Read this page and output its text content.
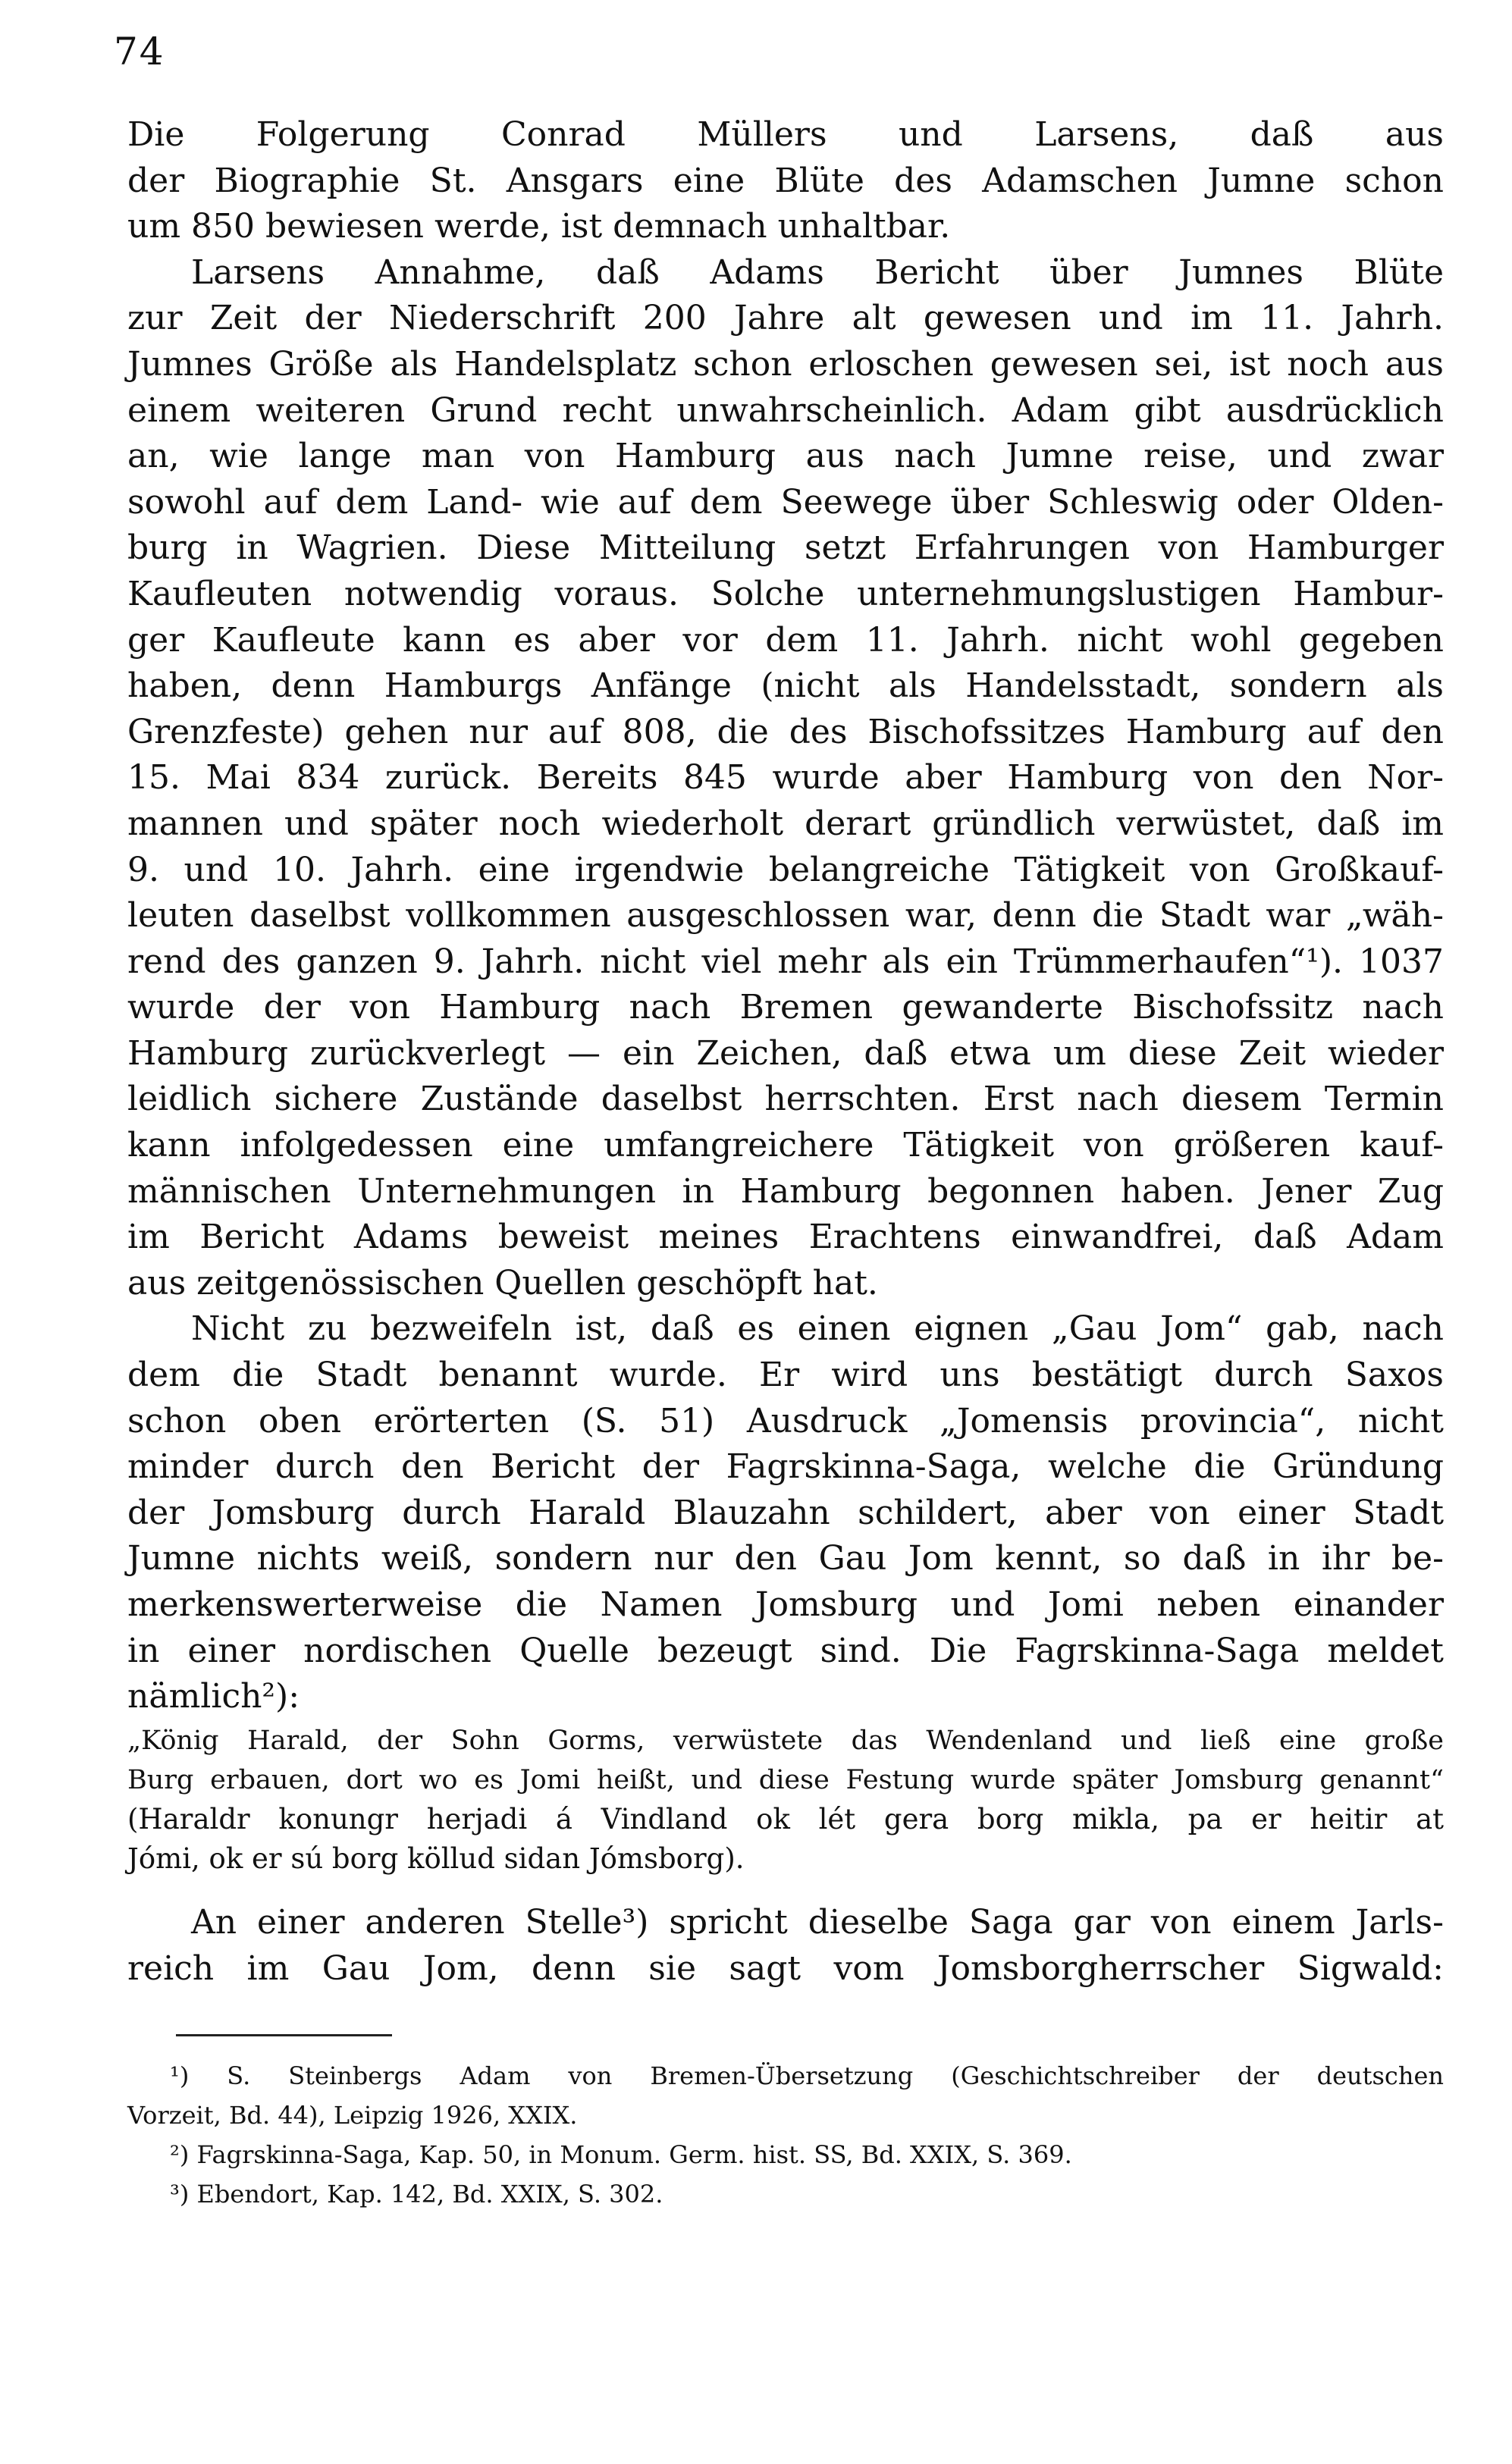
74
Die Folgerung Conrad Müllers und Larsens, daß aus
der Biographie St. Ansgars eine Blüte des Adamschen Jumne schon
um 850 bewiesen werde, ist demnach unhaltbar.
Larsens Annahme, daß Adams Bericht über Jumnes Blüte
zur Zeit der Niederschrift 200 Jahre alt gewesen und im 11. Jahrh.
Jumnes Größe als Handelsplatz schon erloschen gewesen sei, ist noch aus
einem weiteren Grund recht unwahrscheinlich. Adam gibt ausdrücklich
an, wie lange man von Hamburg aus nach Jumne reise, und zwar
sowohl auf dem Land- wie auf dem Seewege über Schleswig oder Olden-
burg in Wagrien. Diese Mitteilung setzt Erfahrungen von Hamburger
Kaufleuten notwendig voraus. Solche unternehmungslustigen Hambur-
ger Kaufleute kann es aber vor dem 11. Jahrh. nicht wohl gegeben
haben, denn Hamburgs Anfänge (nicht als Handelsstadt, sondern als
Grenzfeste) gehen nur auf 808, die des Bischofssitzes Hamburg auf den
15. Mai 834 zurück. Bereits 845 wurde aber Hamburg von den Nor-
mannen und später noch wiederholt derart gründlich verwüstet, daß im
9. und 10. Jahrh. eine irgendwie belangreiche Tätigkeit von Großkauf-
leuten daselbst vollkommen ausgeschlossen war, denn die Stadt war „wäh-
rend des ganzen 9. Jahrh. nicht viel mehr als ein Trümmerhaufen“¹). 1037
wurde der von Hamburg nach Bremen gewanderte Bischofssitz nach
Hamburg zurückverlegt — ein Zeichen, daß etwa um diese Zeit wieder
leidlich sichere Zustände daselbst herrschten. Erst nach diesem Termin
kann infolgedessen eine umfangreichere Tätigkeit von größeren kauf-
männischen Unternehmungen in Hamburg begonnen haben. Jener Zug
im Bericht Adams beweist meines Erachtens einwandfrei, daß Adam
aus zeitgenössischen Quellen geschöpft hat.
Nicht zu bezweifeln ist, daß es einen eignen „Gau Jom“ gab, nach
dem die Stadt benannt wurde. Er wird uns bestätigt durch Saxos
schon oben erörterten (S. 51) Ausdruck „Jomensis provincia“, nicht
minder durch den Bericht der Fagrskinna-Saga, welche die Gründung
der Jomsburg durch Harald Blauzahn schildert, aber von einer Stadt
Jumne nichts weiß, sondern nur den Gau Jom kennt, so daß in ihr be-
merkenswerterweise die Namen Jomsburg und Jomi neben einander
in einer nordischen Quelle bezeugt sind. Die Fagrskinna-Saga meldet
nämlich²):
„König Harald, der Sohn Gorms, verwüstete das Wendenland und ließ eine große
Burg erbauen, dort wo es Jomi heißt, und diese Festung wurde später Jomsburg genannt“
(Haraldr konungr herjadi á Vindland ok lét gera borg mikla, pa er heitir at
Jómi, ok er sú borg köllud sidan Jómsborg).
An einer anderen Stelle³) spricht dieselbe Saga gar von einem Jarls-
reich im Gau Jom, denn sie sagt vom Jomsborgherrscher Sigwald:
¹) S. Steinbergs Adam von Bremen-Übersetzung (Geschichtschreiber der deutschen
Vorzeit, Bd. 44), Leipzig 1926, XXIX.
²) Fagrskinna-Saga, Kap. 50, in Monum. Germ. hist. SS, Bd. XXIX, S. 369.
³) Ebendort, Kap. 142, Bd. XXIX, S. 302.
